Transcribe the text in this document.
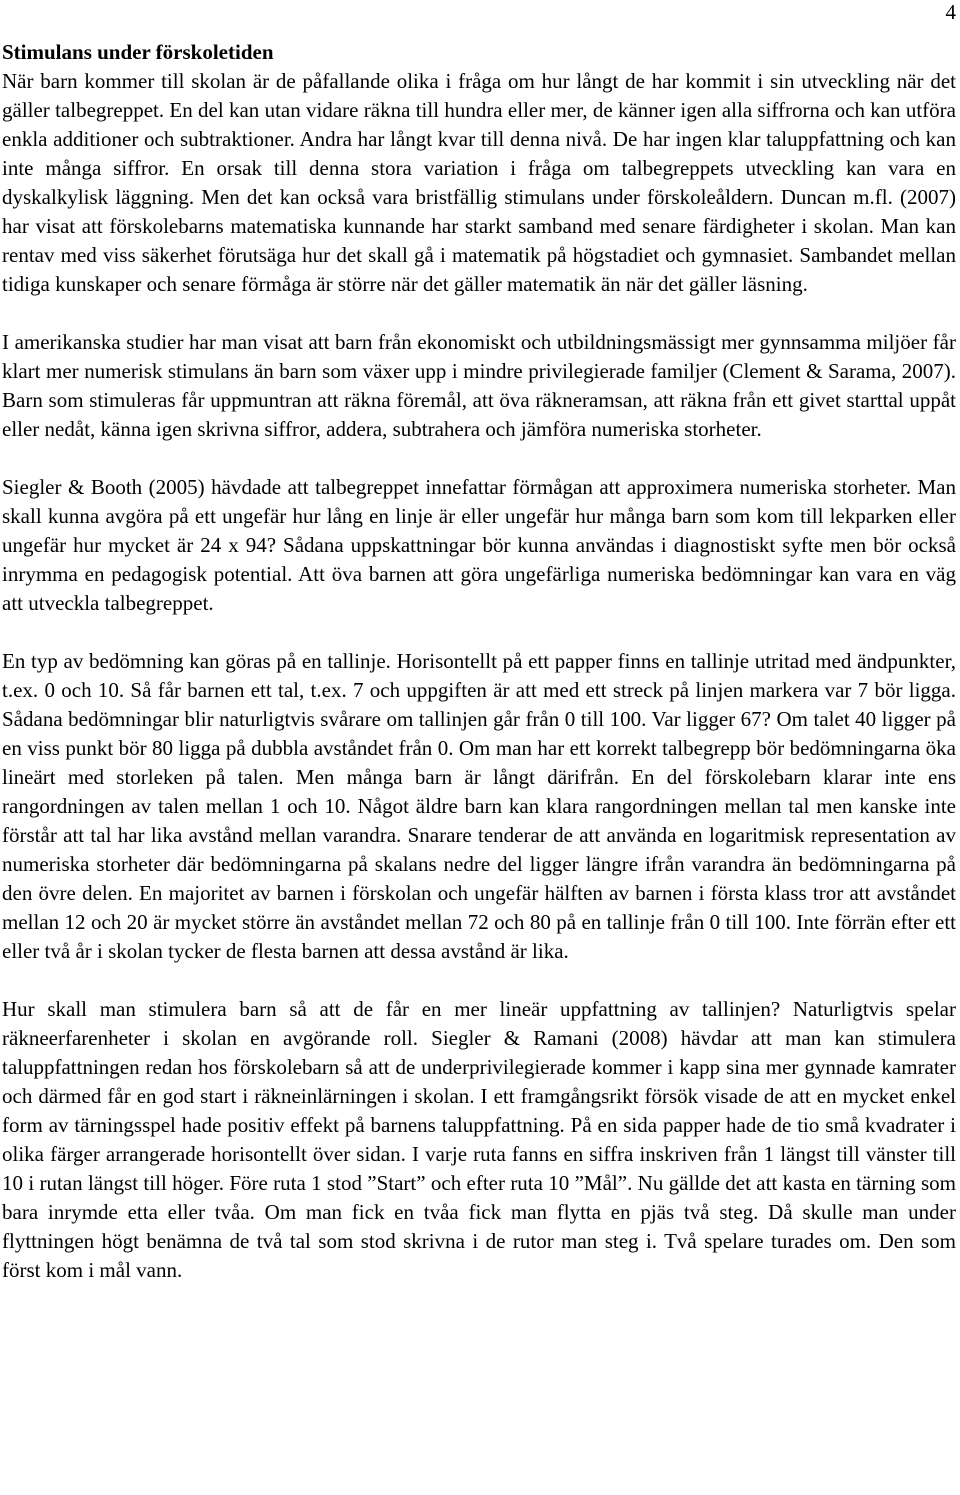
4
Stimulans under förskoletiden

När barn kommer till skolan är de påfallande olika i fråga om hur långt de har kommit i sin utveckling när det gäller talbegreppet. En del kan utan vidare räkna till hundra eller mer, de känner igen alla siffrorna och kan utföra enkla additioner och subtraktioner. Andra har långt kvar till denna nivå. De har ingen klar taluppfattning och kan inte många siffror. En orsak till denna stora variation i fråga om talbegreppets utveckling kan vara en dyskalkylisk läggning. Men det kan också vara bristfällig stimulans under förskoleåldern. Duncan m.fl. (2007) har visat att förskolebarns matematiska kunnande har starkt samband med senare färdigheter i skolan. Man kan rentav med viss säkerhet förutsäga hur det skall gå i matematik på högstadiet och gymnasiet. Sambandet mellan tidiga kunskaper och senare förmåga är större när det gäller matematik än när det gäller läsning.

I amerikanska studier har man visat att barn från ekonomiskt och utbildningsmässigt mer gynnsamma miljöer får klart mer numerisk stimulans än barn som växer upp i mindre privilegierade familjer (Clement & Sarama, 2007). Barn som stimuleras får uppmuntran att räkna föremål, att öva räkneramsan, att räkna från ett givet starttal uppåt eller nedåt, känna igen skrivna siffror, addera, subtrahera och jämföra numeriska storheter.

Siegler & Booth (2005) hävdade att talbegreppet innefattar förmågan att approximera numeriska storheter. Man skall kunna avgöra på ett ungefär hur lång en linje är eller ungefär hur många barn som kom till lekparken eller ungefär hur mycket är 24 x 94? Sådana uppskattningar bör kunna användas i diagnostiskt syfte men bör också inrymma en pedagogisk potential. Att öva barnen att göra ungefärliga numeriska bedömningar kan vara en väg att utveckla talbegreppet.

En typ av bedömning kan göras på en tallinje. Horisontellt på ett papper finns en tallinje utritad med ändpunkter, t.ex. 0 och 10. Så får barnen ett tal, t.ex. 7 och uppgiften är att med ett streck på linjen markera var 7 bör ligga. Sådana bedömningar blir naturligtvis svårare om tallinjen går från 0 till 100. Var ligger 67? Om talet 40 ligger på en viss punkt bör 80 ligga på dubbla avståndet från 0. Om man har ett korrekt talbegrepp bör bedömningarna öka lineärt med storleken på talen. Men många barn är långt därifrån. En del förskolebarn klarar inte ens rangordningen av talen mellan 1 och 10. Något äldre barn kan klara rangordningen mellan tal men kanske inte förstår att tal har lika avstånd mellan varandra. Snarare tenderar de att använda en logaritmisk representation av numeriska storheter där bedömningarna på skalans nedre del ligger längre ifrån varandra än bedömningarna på den övre delen. En majoritet av barnen i förskolan och ungefär hälften av barnen i första klass tror att avståndet mellan 12 och 20 är mycket större än avståndet mellan 72 och 80 på en tallinje från 0 till 100. Inte förrän efter ett eller två år i skolan tycker de flesta barnen att dessa avstånd är lika.

Hur skall man stimulera barn så att de får en mer lineär uppfattning av tallinjen? Naturligtvis spelar räkneerfarenheter i skolan en avgörande roll. Siegler & Ramani (2008) hävdar att man kan stimulera taluppfattningen redan hos förskolebarn så att de underprivilegierade kommer i kapp sina mer gynnade kamrater och därmed får en god start i räkneinlärningen i skolan. I ett framgångsrikt försök visade de att en mycket enkel form av tärningsspel hade positiv effekt på barnens taluppfattning. På en sida papper hade de tio små kvadrater i olika färger arrangerade horisontellt över sidan. I varje ruta fanns en siffra inskriven från 1 längst till vänster till 10 i rutan längst till höger. Före ruta 1 stod ”Start” och efter ruta 10 ”Mål”. Nu gällde det att kasta en tärning som bara inrymde etta eller tvåa. Om man fick en tvåa fick man flytta en pjäs två steg. Då skulle man under flyttningen högt benämna de två tal som stod skrivna i de rutor man steg i. Två spelare turades om. Den som först kom i mål vann.
